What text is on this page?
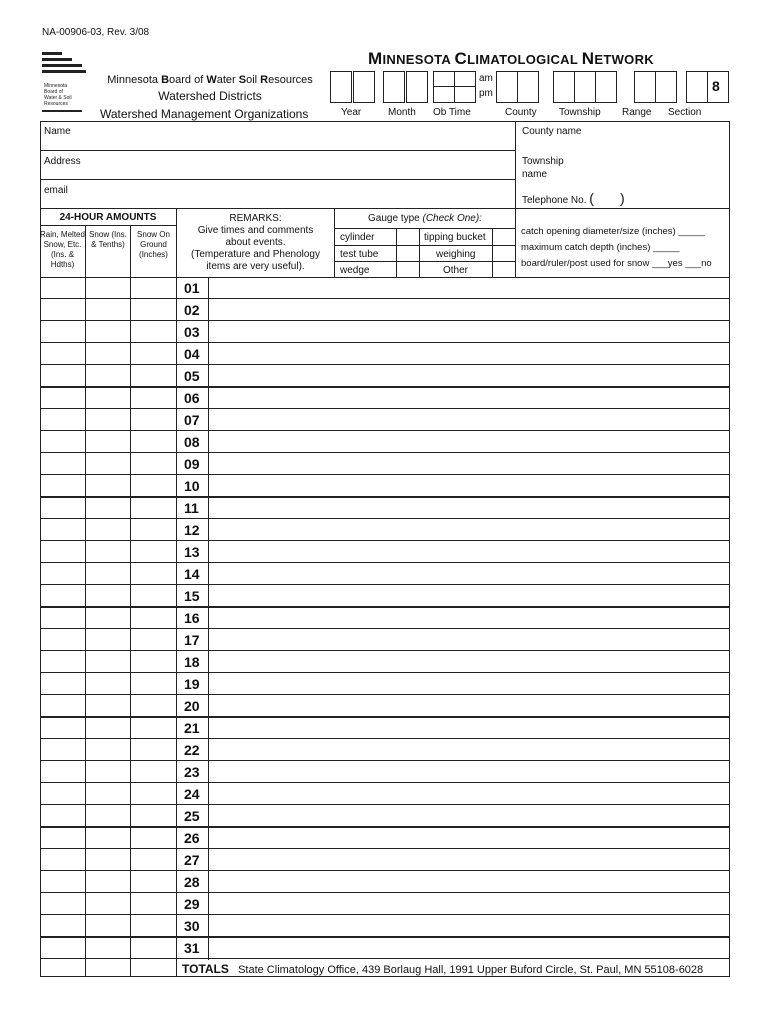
NA-00906-03, Rev. 3/08
Minnesota
Board of
Water & Soil
Resources
Minnesota Board of Water Soil Resources
Watershed Districts
Watershed Management Organizations
MINNESOTA CLIMATOLOGICAL NETWORK
am
pm	8
Year	Month Ob Time	County Township Range Section
Name
Address
email
County name
Township name
Telephone No. ( )
24-HOUR AMOUNTS
Rain, Melted Snow, Etc. (Ins. & Hdths)
Snow (Ins. & Tenths)
Snow On Ground (Inches)
REMARKS:
Give times and comments
about events.
(Temperature and Phenology
items are very useful).
Gauge type (Check One):
cylinder	tipping bucket
test tube	weighing
wedge	Other
catch opening diameter/size (inches) _____
maximum catch depth (inches) _____
board/ruler/post used for snow ___yes ___no
01
02
03
04
05
06
07
08
09
10
11
12
13
14
15
16
17
18
19
20
21
22
23
24
25
26
27
28
29
30
31
TOTALS State Climatology Office, 439 Borlaug Hall, 1991 Upper Buford Circle, St. Paul, MN 55108-6028
